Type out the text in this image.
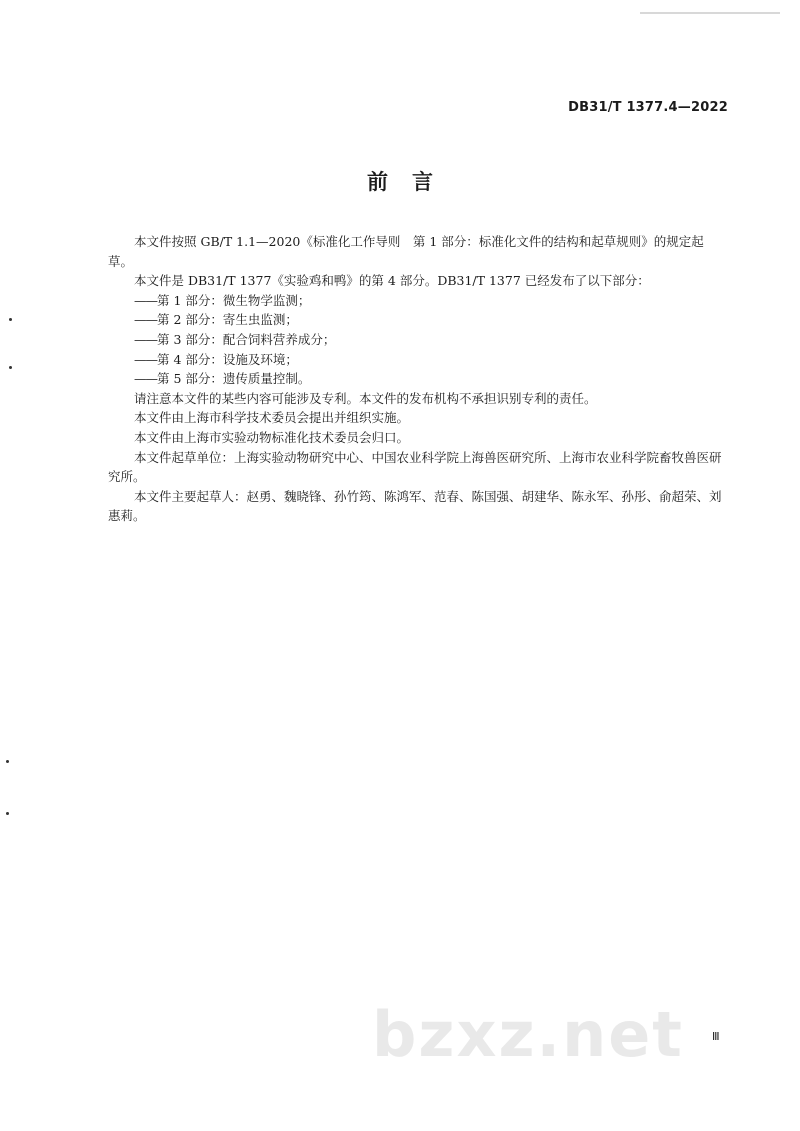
DB31/T 1377.4—2022
前言

本文件按照 GB/T 1.1—2020《标准化工作导则　第 1 部分：标准化文件的结构和起草规则》的规定起草。

本文件是 DB31/T 1377《实验鸡和鸭》的第 4 部分。DB31/T 1377 已经发布了以下部分：

——第 1 部分：微生物学监测；

——第 2 部分：寄生虫监测；

——第 3 部分：配合饲料营养成分；

——第 4 部分：设施及环境；

——第 5 部分：遗传质量控制。

请注意本文件的某些内容可能涉及专利。本文件的发布机构不承担识别专利的责任。

本文件由上海市科学技术委员会提出并组织实施。

本文件由上海市实验动物标准化技术委员会归口。

本文件起草单位：上海实验动物研究中心、中国农业科学院上海兽医研究所、上海市农业科学院畜牧兽医研究所。

本文件主要起草人：赵勇、魏晓锋、孙竹筠、陈鸿军、范春、陈国强、胡建华、陈永军、孙彤、俞超荣、刘惠莉。

bzxz.net	Ⅲ
